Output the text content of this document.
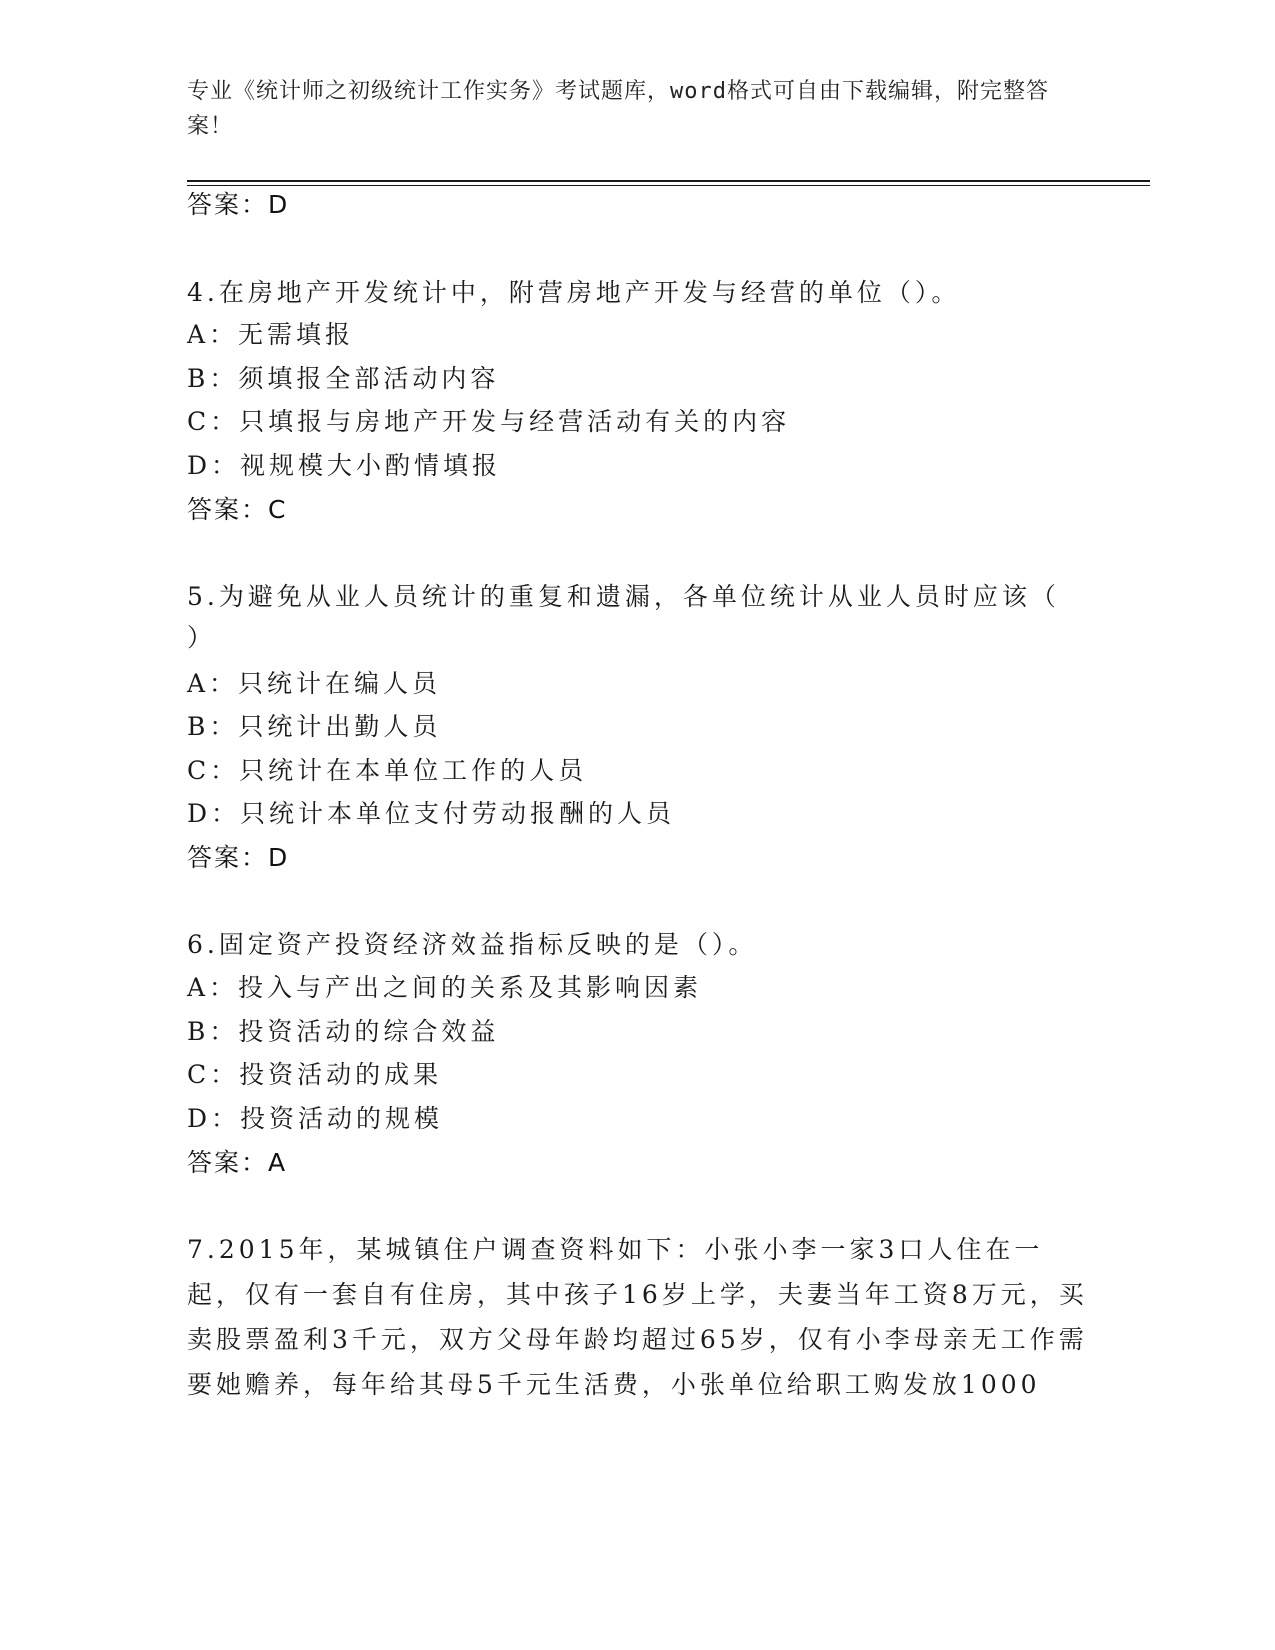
专业《统计师之初级统计工作实务》考试题库，word格式可自由下载编辑，附完整答案！
答案：D
4.在房地产开发统计中，附营房地产开发与经营的单位（）。
A：无需填报
B：须填报全部活动内容
C：只填报与房地产开发与经营活动有关的内容
D：视规模大小酌情填报
答案：C
5.为避免从业人员统计的重复和遗漏，各单位统计从业人员时应该（
）
A：只统计在编人员
B：只统计出勤人员
C：只统计在本单位工作的人员
D：只统计本单位支付劳动报酬的人员
答案：D
6.固定资产投资经济效益指标反映的是（）。
A：投入与产出之间的关系及其影响因素
B：投资活动的综合效益
C：投资活动的成果
D：投资活动的规模
答案：A
7.2015年，某城镇住户调查资料如下：小张小李一家3口人住在一起，仅有一套自有住房，其中孩子16岁上学，夫妻当年工资8万元，买卖股票盈利3千元，双方父母年龄均超过65岁，仅有小李母亲无工作需要她赡养，每年给其母5千元生活费，小张单位给职工购发放1000
